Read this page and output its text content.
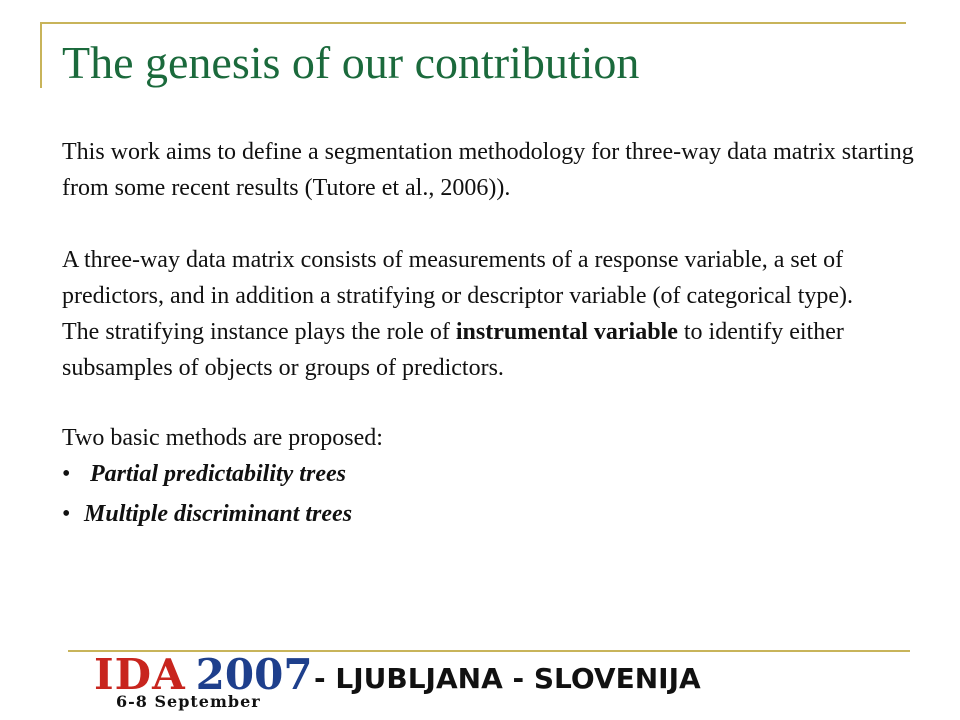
The genesis of our contribution

This work aims to define a segmentation methodology for three-way data matrix starting from some recent results (Tutore et al., 2006)).

A three-way data matrix consists of measurements of a response variable, a set of predictors, and in addition a stratifying or descriptor variable (of categorical type).

The stratifying instance plays the role of instrumental variable to identify either subsamples of objects or groups of predictors.

Two basic methods are proposed:

• Partial predictability trees
• Multiple discriminant trees
IDA 2007
6-8 September
- LJUBLJANA - SLOVENIJA
